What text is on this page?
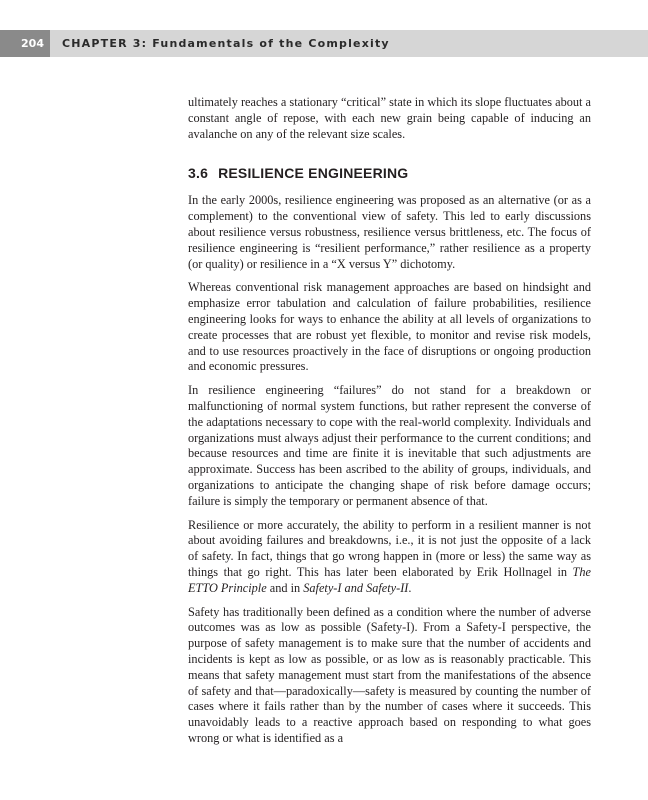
204	CHAPTER 3: Fundamentals of the Complexity

ultimately reaches a stationary “critical” state in which its slope fluctuates about a constant angle of repose, with each new grain being capable of inducing an avalanche on any of the relevant size scales.

3.6 RESILIENCE ENGINEERING

In the early 2000s, resilience engineering was proposed as an alternative (or as a complement) to the conventional view of safety. This led to early discussions about resilience versus robustness, resilience versus brittleness, etc. The focus of resilience engineering is “resilient performance,” rather resilience as a property (or quality) or resilience in a “X versus Y” dichotomy.

Whereas conventional risk management approaches are based on hindsight and emphasize error tabulation and calculation of failure probabilities, resilience engineering looks for ways to enhance the ability at all levels of organizations to create processes that are robust yet flexible, to monitor and revise risk models, and to use resources proactively in the face of disruptions or ongoing production and economic pressures.

In resilience engineering “failures” do not stand for a breakdown or malfunctioning of normal system functions, but rather represent the converse of the adaptations necessary to cope with the real-world complexity. Individuals and organizations must always adjust their performance to the current conditions; and because resources and time are finite it is inevitable that such adjustments are approximate. Success has been ascribed to the ability of groups, individuals, and organizations to anticipate the changing shape of risk before damage occurs; failure is simply the temporary or permanent absence of that.

Resilience or more accurately, the ability to perform in a resilient manner is not about avoiding failures and breakdowns, i.e., it is not just the opposite of a lack of safety. In fact, things that go wrong happen in (more or less) the same way as things that go right. This has later been elaborated by Erik Hollnagel in The ETTO Principle and in Safety-I and Safety-II.

Safety has traditionally been defined as a condition where the number of adverse outcomes was as low as possible (Safety-I). From a Safety-I perspective, the purpose of safety management is to make sure that the number of accidents and incidents is kept as low as possible, or as low as is reasonably practicable. This means that safety management must start from the manifestations of the absence of safety and that—paradoxically—safety is measured by counting the number of cases where it fails rather than by the number of cases where it succeeds. This unavoidably leads to a reactive approach based on responding to what goes wrong or what is identified as a
